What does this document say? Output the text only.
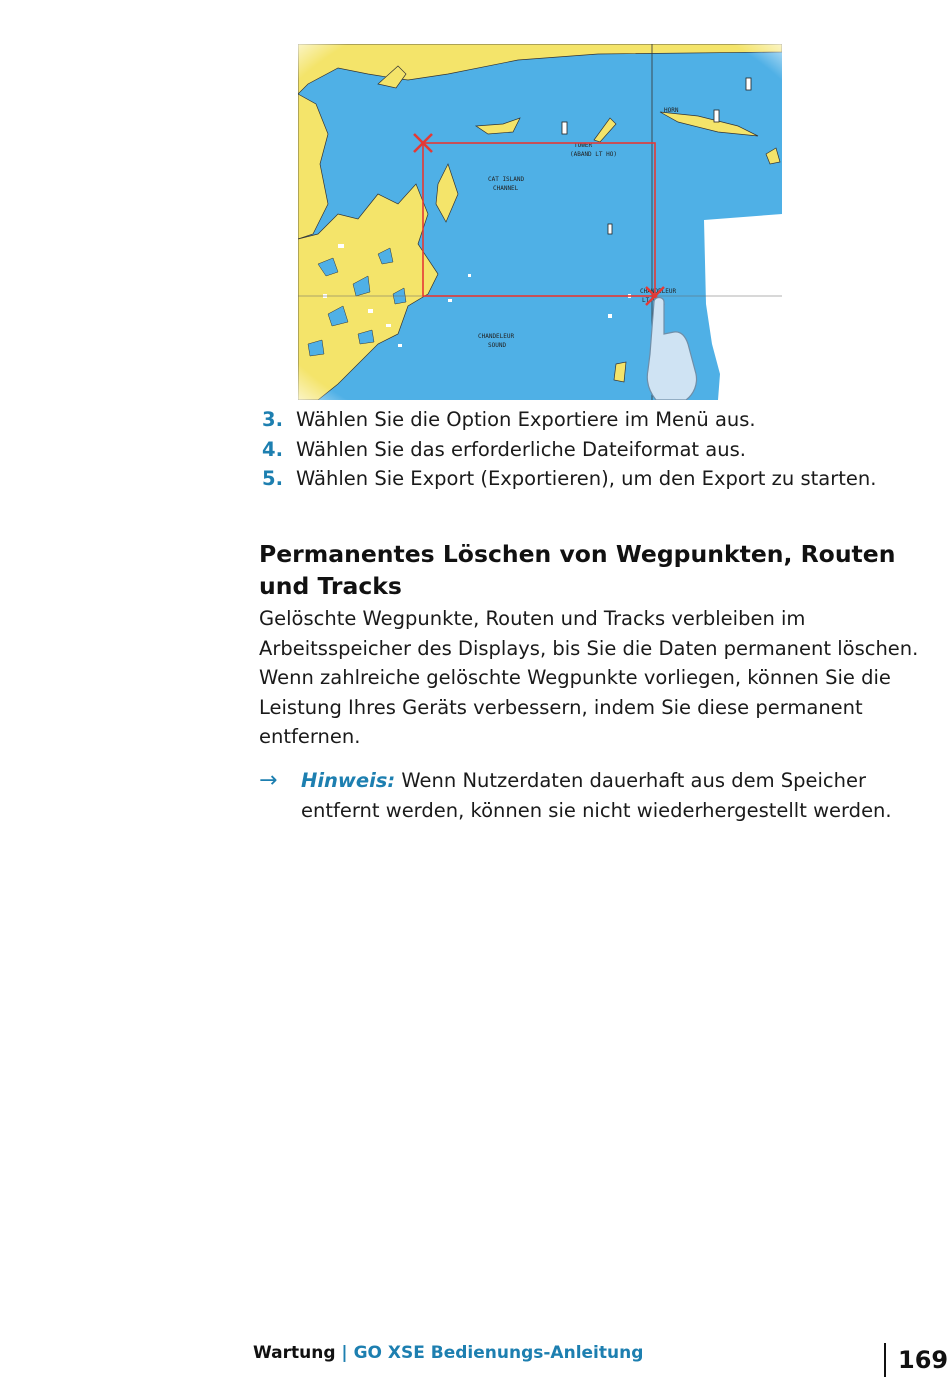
3. Wählen Sie die Option Exportiere im Menü aus.
4. Wählen Sie das erforderliche Dateiformat aus.
5. Wählen Sie Export (Exportieren), um den Export zu starten.
Permanentes Löschen von Wegpunkten, Routen und Tracks
Gelöschte Wegpunkte, Routen und Tracks verbleiben im
Arbeitsspeicher des Displays, bis Sie die Daten permanent löschen.
Wenn zahlreiche gelöschte Wegpunkte vorliegen, können Sie die
Leistung Ihres Geräts verbessern, indem Sie diese permanent
entfernen.
→	Hinweis: Wenn Nutzerdaten dauerhaft aus dem Speicher
entfernt werden, können sie nicht wiederhergestellt werden.
Wartung | GO XSE Bedienungs-Anleitung	169
